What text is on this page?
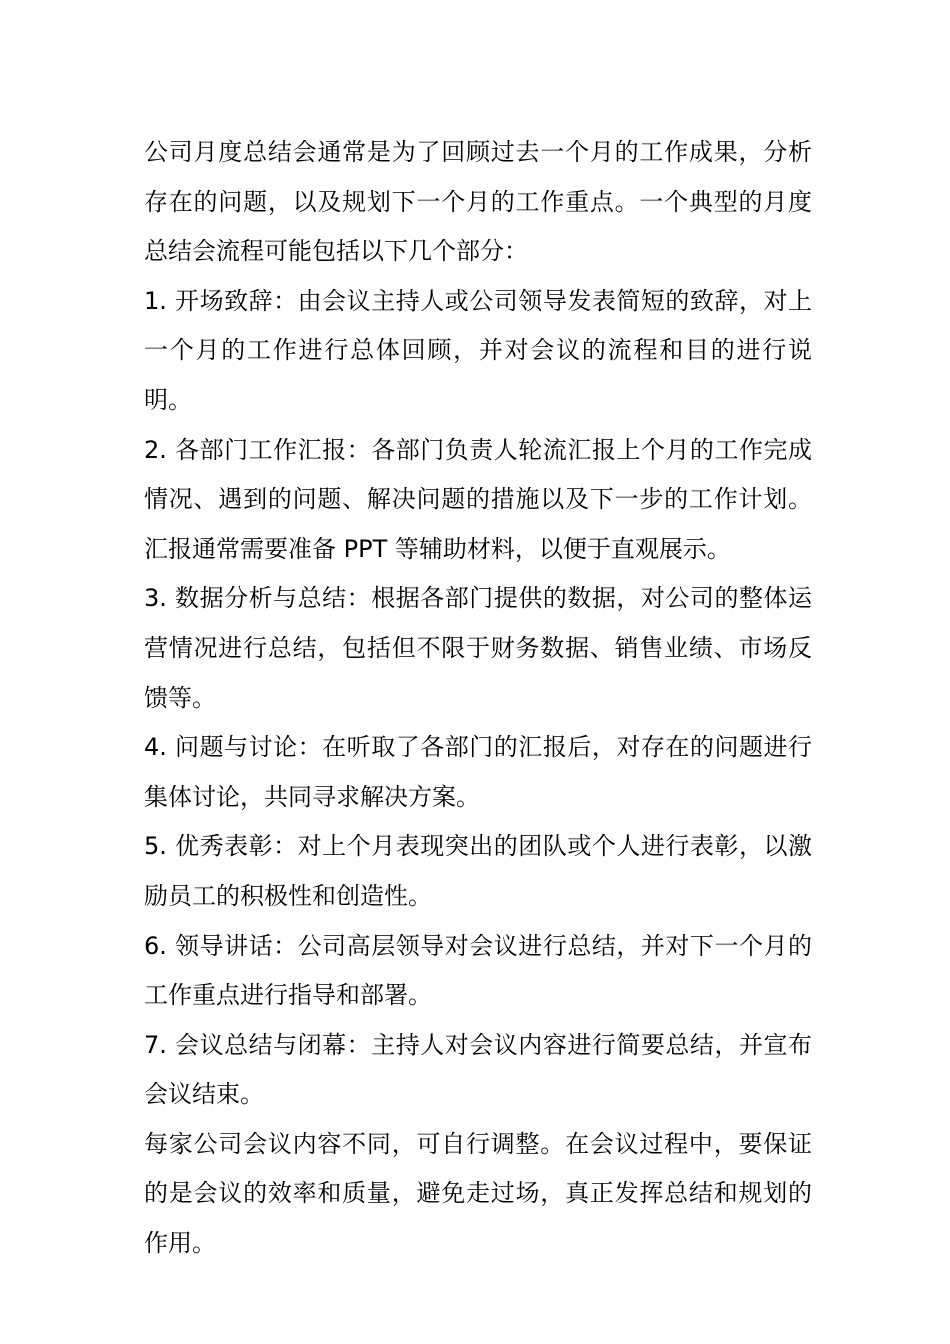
公司月度总结会通常是为了回顾过去一个月的工作成果，分析存在的问题，以及规划下一个月的工作重点。一个典型的月度总结会流程可能包括以下几个部分：

1. 开场致辞：由会议主持人或公司领导发表简短的致辞，对上一个月的工作进行总体回顾，并对会议的流程和目的进行说明。

2. 各部门工作汇报：各部门负责人轮流汇报上个月的工作完成情况、遇到的问题、解决问题的措施以及下一步的工作计划。汇报通常需要准备 PPT 等辅助材料，以便于直观展示。

3. 数据分析与总结：根据各部门提供的数据，对公司的整体运营情况进行总结，包括但不限于财务数据、销售业绩、市场反馈等。

4. 问题与讨论：在听取了各部门的汇报后，对存在的问题进行集体讨论，共同寻求解决方案。

5. 优秀表彰：对上个月表现突出的团队或个人进行表彰，以激励员工的积极性和创造性。

6. 领导讲话：公司高层领导对会议进行总结，并对下一个月的工作重点进行指导和部署。

7. 会议总结与闭幕：主持人对会议内容进行简要总结，并宣布会议结束。

每家公司会议内容不同，可自行调整。在会议过程中，要保证的是会议的效率和质量，避免走过场，真正发挥总结和规划的作用。
